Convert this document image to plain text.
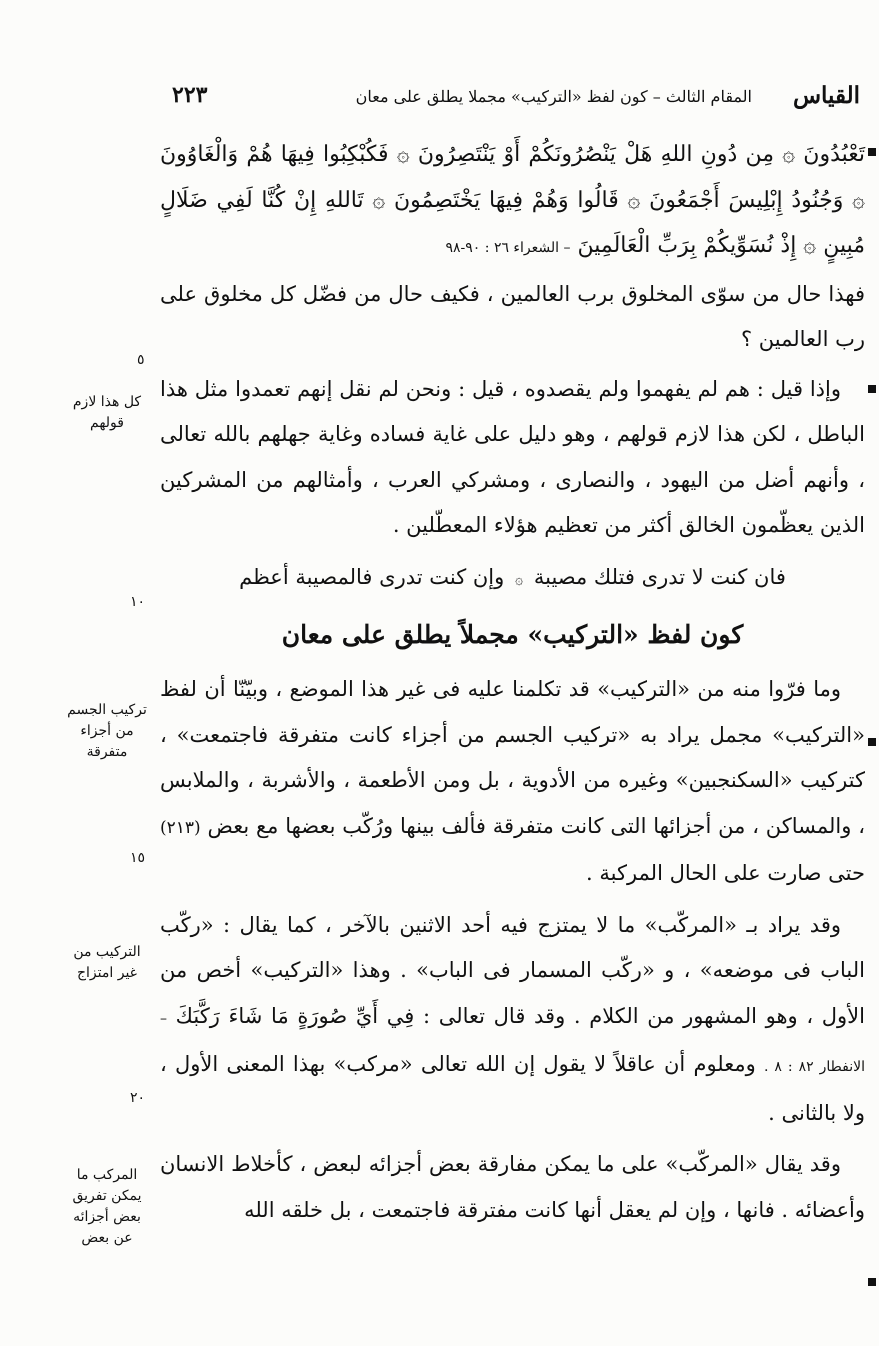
القياس
المقام الثالث – كون لفظ «التركيب» مجملا يطلق على معان
٢٢٣

تَعْبُدُونَ ۞ مِن دُونِ اللهِ هَلْ يَنْصُرُونَكُمْ أَوْ يَنْتَصِرُونَ ۞ فَكُبْكِبُوا فِيهَا هُمْ وَالْغَاوُونَ ۞ وَجُنُودُ إِبْلِيسَ أَجْمَعُونَ ۞ قَالُوا وَهُمْ فِيهَا يَخْتَصِمُونَ ۞ تَاللهِ إِنْ كُنَّا لَفِي ضَلَالٍ مُبِينٍ ۞ إِذْ نُسَوِّيكُمْ بِرَبِّ الْعَالَمِينَ – الشعراء ٢٦ : ٩٠-٩٨

فهذا حال من سوّى المخلوق برب العالمين ، فكيف حال من فضّل كل مخلوق على رب العالمين ؟

وإذا قيل : هم لم يفهموا ولم يقصدوه ، قيل : ونحن لم نقل إنهم تعمدوا مثل هذا الباطل ، لكن هذا لازم قولهم ، وهو دليل على غاية فساده وغاية جهلهم بالله تعالى ، وأنهم أضل من اليهود ، والنصارى ، ومشركي العرب ، وأمثالهم من المشركين الذين يعظّمون الخالق أكثر من تعظيم هؤلاء المعطّلين .

فان كنت لا تدرى فتلك مصيبة ۞ وإن كنت تدرى فالمصيبة أعظم

كون لفظ «التركيب» مجملاً يطلق على معان

وما فرّوا منه من «التركيب» قد تكلمنا عليه فى غير هذا الموضع ، وبيّنّا أن لفظ «التركيب» مجمل يراد به «تركيب الجسم من أجزاء كانت متفرقة فاجتمعت» ، كتركيب «السكنجبين» وغيره من الأدوية ، بل ومن الأطعمة ، والأشربة ، والملابس ، والمساكن ، من أجزائها التى كانت متفرقة فألف بينها ورُكّب بعضها مع بعض (٢١٣) حتى صارت على الحال المركبة .

وقد يراد بـ «المركّب» ما لا يمتزج فيه أحد الاثنين بالآخر ، كما يقال : «ركّب الباب فى موضعه» ، و «ركّب المسمار فى الباب» . وهذا «التركيب» أخص من الأول ، وهو المشهور من الكلام . وقد قال تعالى : فِي أَيِّ صُورَةٍ مَا شَاءَ رَكَّبَكَ – الانفطار ٨٢ : ٨ . ومعلوم أن عاقلاً لا يقول إن الله تعالى «مركب» بهذا المعنى الأول ، ولا بالثانى .

وقد يقال «المركّب» على ما يمكن مفارقة بعض أجزائه لبعض ، كأخلاط الانسان وأعضائه . فانها ، وإن لم يعقل أنها كانت مفترقة فاجتمعت ، بل خلقه الله

كل هذا لازم قولهم
تركيب الجسم من أجزاء متفرقة
التركيب من غير امتزاج
المركب ما يمكن تفريق بعض أجزائه عن بعض
٥
١٠
١٥
٢٠
